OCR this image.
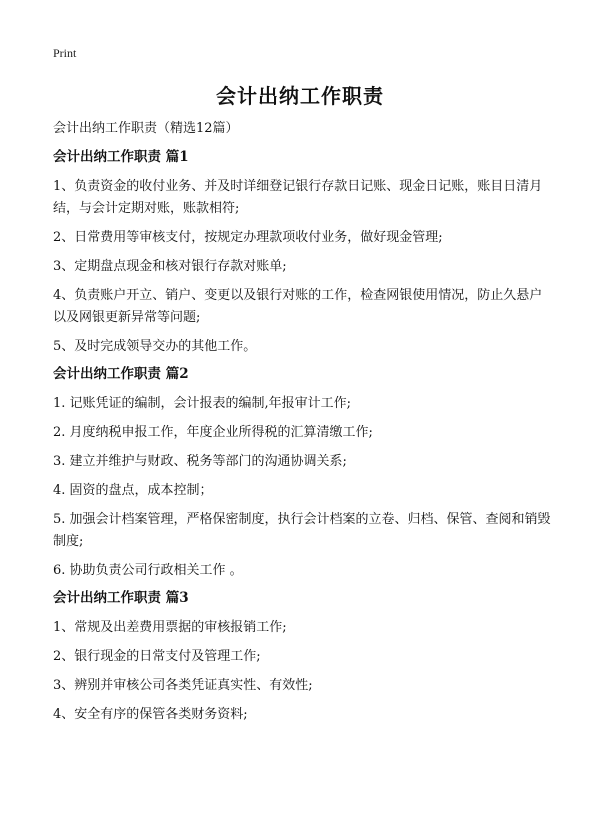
Print
会计出纳工作职责

会计出纳工作职责（精选12篇）

会计出纳工作职责 篇1

1、负责资金的收付业务、并及时详细登记银行存款日记账、现金日记账，账目日清月结，与会计定期对账，账款相符;
2、日常费用等审核支付，按规定办理款项收付业务，做好现金管理;
3、定期盘点现金和核对银行存款对账单;
4、负责账户开立、销户、变更以及银行对账的工作，检查网银使用情况，防止久悬户以及网银更新异常等问题;
5、及时完成领导交办的其他工作。

会计出纳工作职责 篇2

1. 记账凭证的编制，会计报表的编制,年报审计工作;
2. 月度纳税申报工作，年度企业所得税的汇算清缴工作;
3. 建立并维护与财政、税务等部门的沟通协调关系;
4. 固资的盘点，成本控制；
5. 加强会计档案管理，严格保密制度，执行会计档案的立卷、归档、保管、查阅和销毁制度;
6. 协助负责公司行政相关工作 。

会计出纳工作职责 篇3

1、常规及出差费用票据的审核报销工作;
2、银行现金的日常支付及管理工作;
3、辨别并审核公司各类凭证真实性、有效性;
4、安全有序的保管各类财务资料;
